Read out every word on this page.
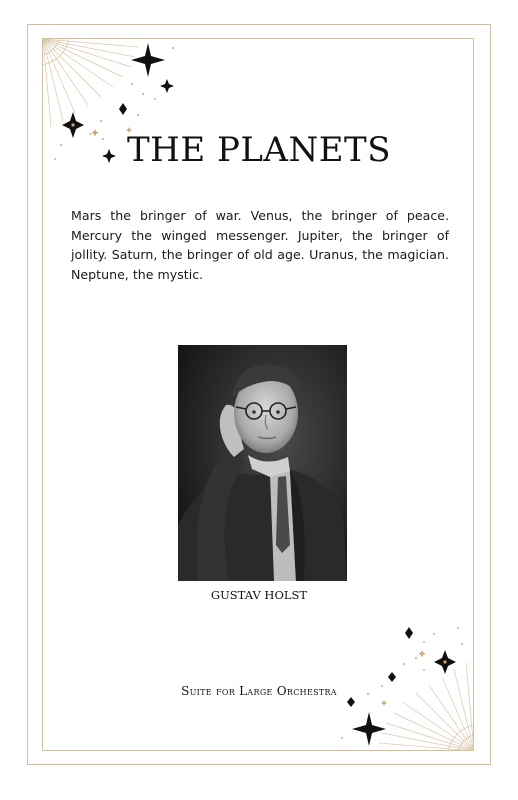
THE PLANETS

Mars the bringer of war. Venus, the bringer of peace. Mercury the winged messenger. Jupiter, the bringer of jollity. Saturn, the bringer of old age. Uranus, the magician. Neptune, the mystic.

GUSTAV HOLST
Suite for Large Orchestra
